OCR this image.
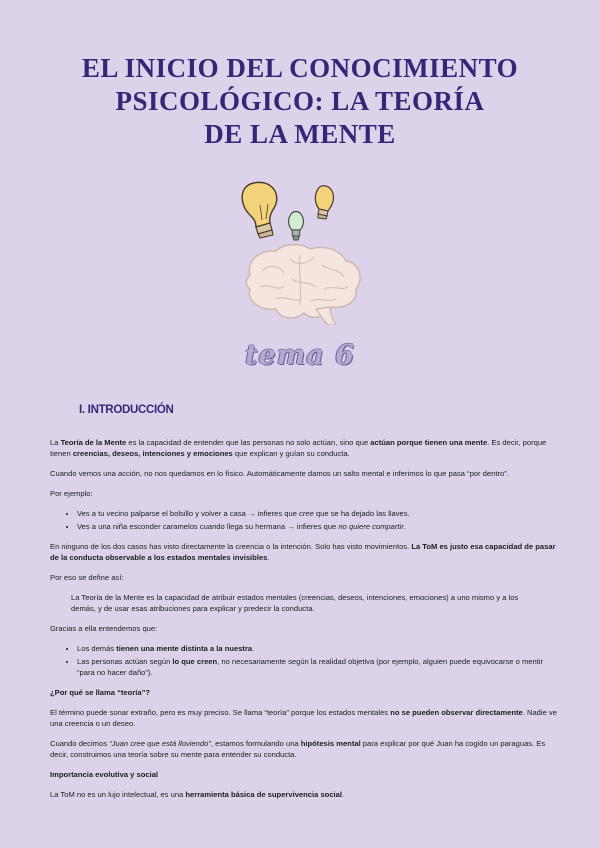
EL INICIO DEL CONOCIMIENTO
PSICOLÓGICO: LA TEORÍA
DE LA MENTE
tema 6
I. INTRODUCCIÓN

La Teoría de la Mente es la capacidad de entender que las personas no solo actúan, sino que actúan porque tienen una mente. Es decir, porque tienen creencias, deseos, intenciones y emociones que explican y guían su conducta.

Cuando vemos una acción, no nos quedamos en lo físico. Automáticamente damos un salto mental e inferimos lo que pasa “por dentro”.

Por ejemplo:

• Ves a tu vecino palparse el bolsillo y volver a casa → infieres que cree que se ha dejado las llaves.
• Ves a una niña esconder caramelos cuando llega su hermana → infieres que no quiere compartir.

En ninguno de los dos casos has visto directamente la creencia o la intención. Solo has visto movimientos. La ToM es justo esa capacidad de pasar de la conducta observable a los estados mentales invisibles.

Por eso se define así:

La Teoría de la Mente es la capacidad de atribuir estados mentales (creencias, deseos, intenciones, emociones) a uno mismo y a los demás, y de usar esas atribuciones para explicar y predecir la conducta.

Gracias a ella entendemos que:

• Los demás tienen una mente distinta a la nuestra.
• Las personas actúan según lo que creen, no necesariamente según la realidad objetiva (por ejemplo, alguien puede equivocarse o mentir “para no hacer daño”).

¿Por qué se llama “teoría”?

El término puede sonar extraño, pero es muy preciso. Se llama “teoría” porque los estados mentales no se pueden observar directamente. Nadie ve una creencia o un deseo.

Cuando decimos “Juan cree que está lloviendo”, estamos formulando una hipótesis mental para explicar por qué Juan ha cogido un paraguas. Es decir, construimos una teoría sobre su mente para entender su conducta.

Importancia evolutiva y social

La ToM no es un lujo intelectual, es una herramienta básica de supervivencia social.
